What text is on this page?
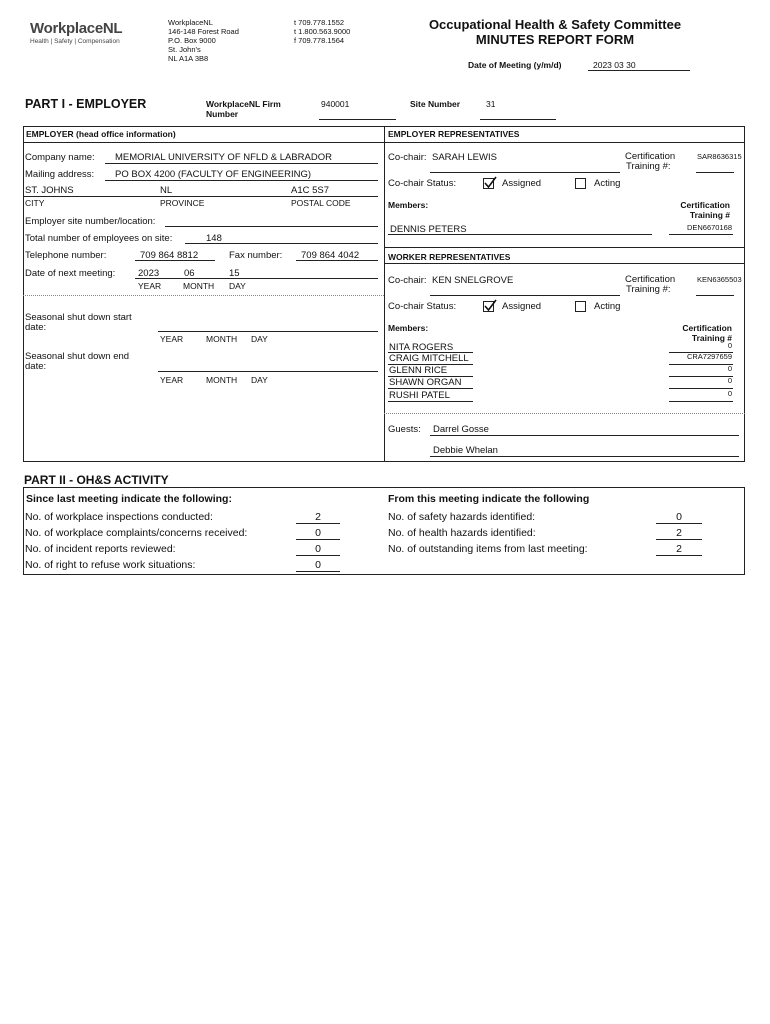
WorkplaceNL
Health | Safety | Compensation
WorkplaceNL
146-148 Forest Road
P.O. Box 9000
St. John's
NL A1A 3B8
t 709.778.1552
t 1.800.563.9000
f 709.778.1564
Occupational Health & Safety Committee
MINUTES REPORT FORM
Date of Meeting (y/m/d)	2023 03 30
PART I - EMPLOYER	WorkplaceNL Firm
Number
940001	Site Number	31
EMPLOYER (head office information)
Company name: MEMORIAL UNIVERSITY OF NFLD & LABRADOR
Mailing address: PO BOX 4200 (FACULTY OF ENGINEERING)
ST. JOHNS	NL	A1C 5S7
CITY	PROVINCE	POSTAL CODE
Employer site number/location:
Total number of employees on site:	148
Telephone number:	709 864 8812	Fax number: 709 864 4042
Date of next meeting: 2023	06	15
YEAR	MONTH DAY
Seasonal shut down start
date:
YEAR	MONTH DAY
Seasonal shut down end
date:
YEAR	MONTH DAY
EMPLOYER REPRESENTATIVES
Co-chair: SARAH LEWIS	Certification
Training #:
SAR8636315
Co-chair Status:	Assigned	Acting
Members:	Certification
Training #
DENNIS PETERS	DEN6670168
WORKER REPRESENTATIVES
Co-chair: KEN SNELGROVE	Certification
Training #:
KEN6365503
Co-chair Status:	Assigned	Acting
Members:	Certification
Training #
NITA ROGERS	0
CRAIG MITCHELL	CRA7297659
GLENN RICE	0
SHAWN ORGAN	0
RUSHI PATEL	0
Guests: Darrel Gosse
Debbie Whelan
PART II - OH&S ACTIVITY
Since last meeting indicate the following:	From this meeting indicate the following
No. of workplace inspections conducted:	2
No. of workplace complaints/concerns received:	0
No. of incident reports reviewed:	0
No. of right to refuse work situations:	0
No. of safety hazards identified:	0
No. of health hazards identified:	2
No. of outstanding items from last meeting:	2
